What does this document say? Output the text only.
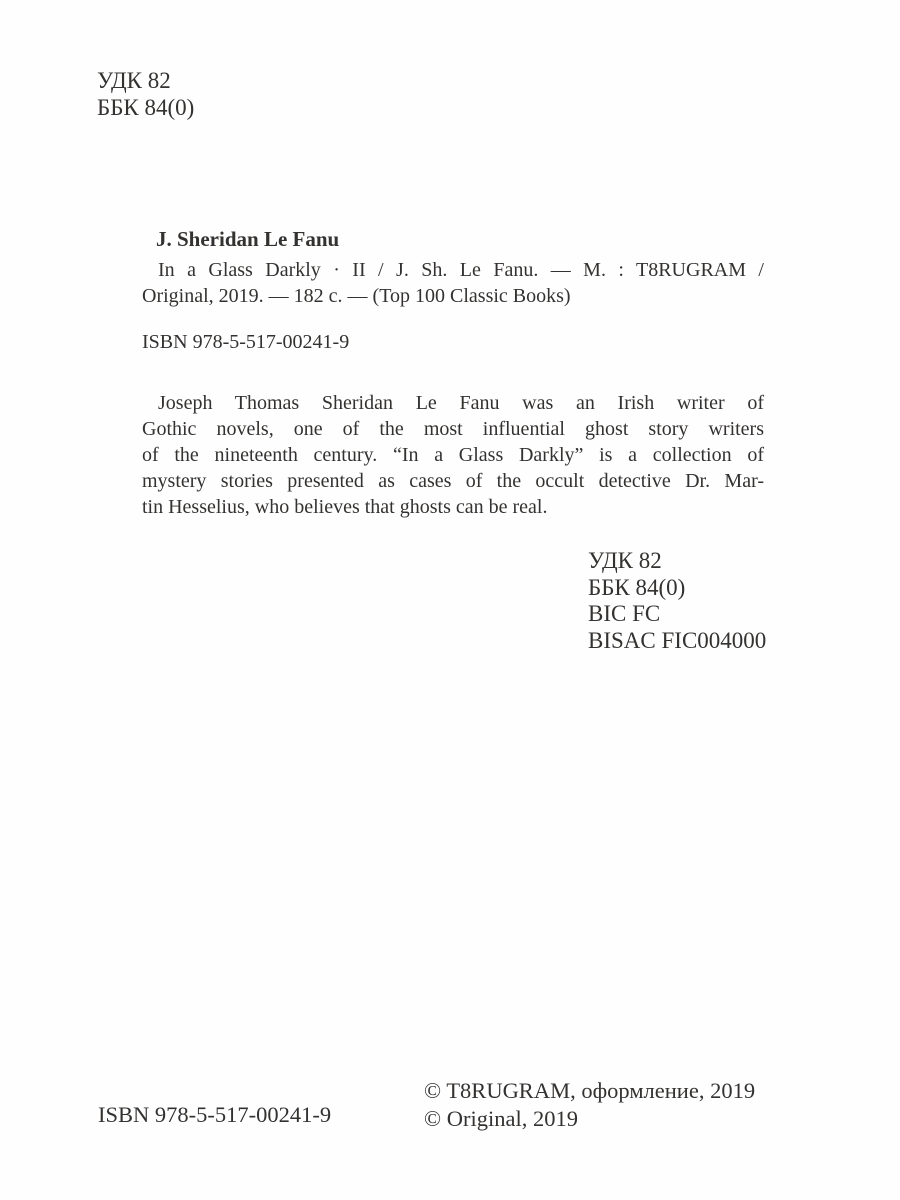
УДК 82
ББК 84(0)
J. Sheridan Le Fanu
In a Glass Darkly · II / J. Sh. Le Fanu. — M. : T8RUGRAM /
Original, 2019. — 182 с. — (Top 100 Classic Books)
ISBN 978-5-517-00241-9
Joseph Thomas Sheridan Le Fanu was an Irish writer of
Gothic novels, one of the most influential ghost story writers
of the nineteenth century. “In a Glass Darkly” is a collection of
mystery stories presented as cases of the occult detective Dr. Mar-
tin Hesselius, who believes that ghosts can be real.
УДК 82
ББК 84(0)
BIC FC
BISAC FIC004000
ISBN 978-5-517-00241-9
© T8RUGRAM, оформление, 2019
© Original, 2019
